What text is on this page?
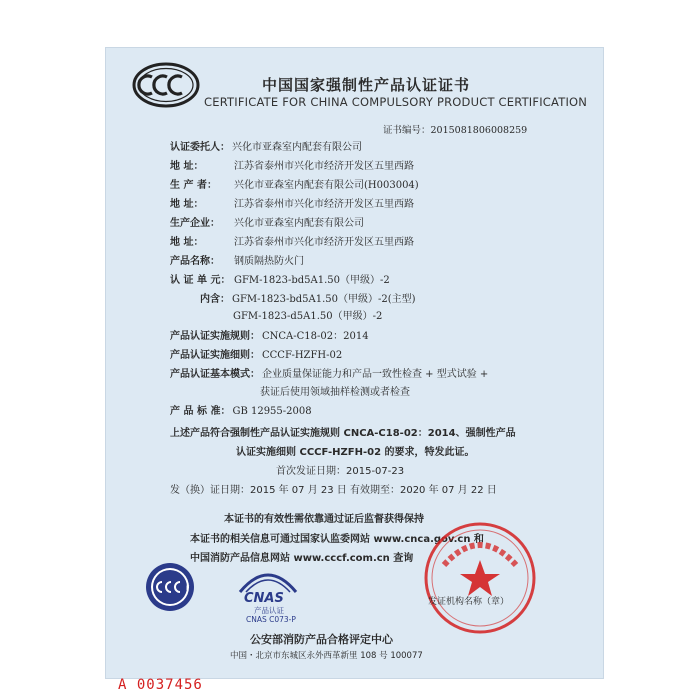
中国国家强制性产品认证证书
CERTIFICATE FOR CHINA COMPULSORY PRODUCT CERTIFICATION
证书编号：2015081806008259
认证委托人： 兴化市亚森室内配套有限公司
地 址：	江苏省泰州市兴化市经济开发区五里西路
生 产 者： 兴化市亚森室内配套有限公司(H003004)
地 址：	江苏省泰州市兴化市经济开发区五里西路
生产企业： 兴化市亚森室内配套有限公司
地 址：	江苏省泰州市兴化市经济开发区五里西路
产品名称： 钢质隔热防火门
认 证 单 元： GFM-1823-bd5A1.50（甲级）-2
内含： GFM-1823-bd5A1.50（甲级）-2(主型)
GFM-1823-d5A1.50（甲级）-2
产品认证实施规则： CNCA-C18-02：2014
产品认证实施细则： CCCF-HZFH-02
产品认证基本模式： 企业质量保证能力和产品一致性检查 + 型式试验 +
获证后使用领域抽样检测或者检查
产 品 标 准： GB 12955-2008
上述产品符合强制性产品认证实施规则 CNCA-C18-02：2014、强制性产品
认证实施细则 CCCF-HZFH-02 的要求，特发此证。
首次发证日期：2015-07-23
发（换）证日期：2015 年 07 月 23 日 有效期至：2020 年 07 月 22 日
本证书的有效性需依靠通过证后监督获得保持
本证书的相关信息可通过国家认监委网站 www.cnca.gov.cn 和
中国消防产品信息网站 www.cccf.com.cn 查询
F
CNAS
产品认证
CNAS C073-P
发证机构名称（章）
公安部消防产品合格评定中心
中国・北京市东城区永外西革新里 108 号 100077
A 0037456
